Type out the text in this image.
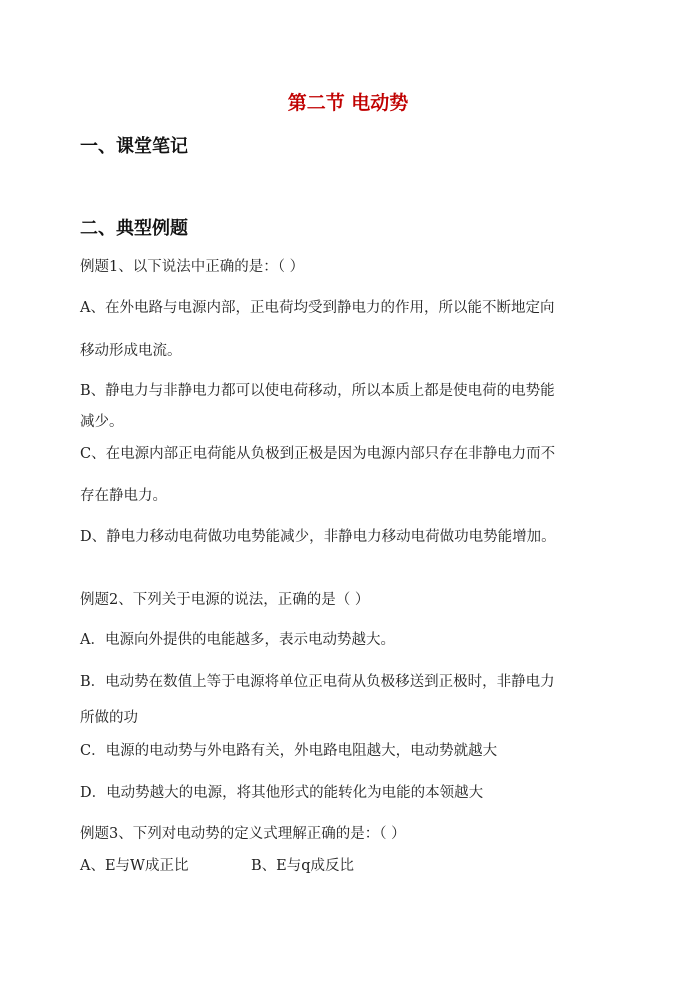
第二节 电动势
一、课堂笔记
二、典型例题
例题1、以下说法中正确的是：（ ）
A、在外电路与电源内部，正电荷均受到静电力的作用，所以能不断地定向
移动形成电流。
B、静电力与非静电力都可以使电荷移动，所以本质上都是使电荷的电势能
减少。
C、在电源内部正电荷能从负极到正极是因为电源内部只存在非静电力而不
存在静电力。
D、静电力移动电荷做功电势能减少，非静电力移动电荷做功电势能增加。
例题2、下列关于电源的说法，正确的是（ ）
A．电源向外提供的电能越多，表示电动势越大。
B．电动势在数值上等于电源将单位正电荷从负极移送到正极时，非静电力
所做的功
C．电源的电动势与外电路有关，外电路电阻越大，电动势就越大
D．电动势越大的电源，将其他形式的能转化为电能的本领越大
例题3、下列对电动势的定义式理解正确的是：（ ）
A、E与W成正比	B、E与q成反比
